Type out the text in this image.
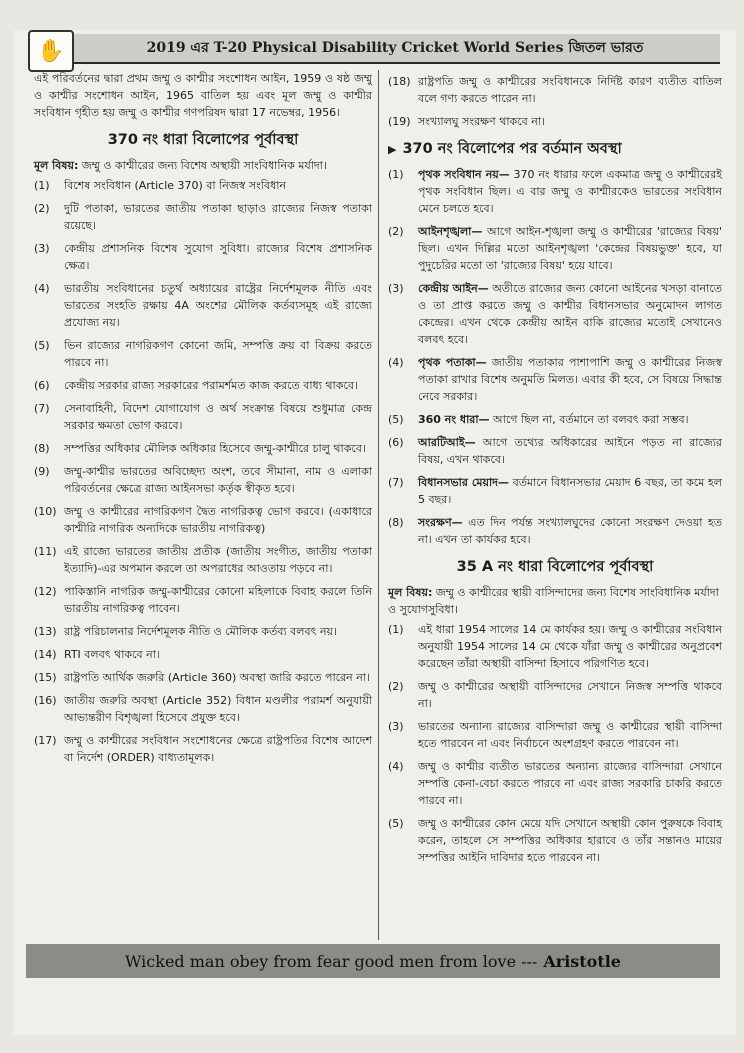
2019 এর T-20 Physical Disability Cricket World Series জিতল ভারত
✋

এই পরিবর্তনের দ্বারা প্রথম জম্মু ও কাশ্মীর সংশোধন আইন, 1959 ও ষষ্ঠ জম্মু ও কাশ্মীর সংশোধন আইন, 1965 বাতিল হয় এবং মূল জম্মু ও কাশ্মীর সংবিধান গৃহীত হয় জম্মু ও কাশ্মীর গণপরিষদ দ্বারা 17 নভেম্বর, 1956।

370 নং ধারা বিলোপের পূর্বাবস্থা
মূল বিষয়: জম্মু ও কাশ্মীরের জন্য বিশেষ অস্থায়ী সাংবিধানিক মর্যাদা।
(1)	বিশেষ সংবিধান (Article 370) বা নিজস্ব সংবিধান
(2)	দুটি পতাকা, ভারতের জাতীয় পতাকা ছাড়াও রাজ্যের নিজস্ব পতাকা রয়েছে।
(3)	কেন্দ্রীয় প্রশাসনিক বিশেষ সুযোগ সুবিধা। রাজ্যের বিশেষ প্রশাসনিক ক্ষেত্র।
(4)	ভারতীয় সংবিধানের চতুর্থ অধ্যায়ের রাষ্ট্রের নির্দেশমূলক নীতি এবং ভারতের সংহতি রক্ষায় 4A অংশের মৌলিক কর্তব্যসমূহ এই রাজ্যে প্রযোজ্য নয়।
(5)	ভিন রাজ্যের নাগরিকগণ কোনো জমি, সম্পত্তি ক্রয় বা বিক্রয় করতে পারবে না।
(6)	কেন্দ্রীয় সরকার রাজ্য সরকারের পরামর্শমত কাজ করতে বাধ্য থাকবে।
(7)	সেনাবাহিনী, বিদেশ যোগাযোগ ও অর্থ সংক্রান্ত বিষয়ে শুধুমাত্র কেন্দ্র সরকার ক্ষমতা ভোগ করবে।
(8)	সম্পত্তির অধিকার মৌলিক অধিকার হিসেবে জম্মু-কাশ্মীরে চালু থাকবে।
(9)	জম্মু-কাশ্মীর ভারতের অবিচ্ছেদ্য অংশ, তবে সীমানা, নাম ও এলাকা পরিবর্তনের ক্ষেত্রে রাজ্য আইনসভা কর্তৃক স্বীকৃত হবে।
(10) জম্মু ও কাশ্মীরের নাগরিকগণ দ্বৈত নাগরিকত্ব ভোগ করবে। (একাধারে কাশ্মীরি নাগরিক অন্যদিকে ভারতীয় নাগরিকত্ব)
(11) এই রাজ্যে ভারতের জাতীয় প্রতীক (জাতীয় সংগীত, জাতীয় পতাকা ইত্যাদি)-এর অপমান করলে তা অপরাধের আওতায় পড়বে না।
(12) পাকিস্তানি নাগরিক জম্মু-কাশ্মীরের কোনো মহিলাকে বিবাহ করলে তিনি ভারতীয় নাগরিকত্ব পাবেন।
(13) রাষ্ট্র পরিচালনার নির্দেশমূলক নীতি ও মৌলিক কর্তব্য বলবৎ নয়।
(14) RTI বলবৎ থাকবে না।
(15) রাষ্ট্রপতি আর্থিক জরুরি (Article 360) অবস্থা জারি করতে পারেন না।
(16) জাতীয় জরুরি অবস্থা (Article 352) বিধান মণ্ডলীর পরামর্শ অনুযায়ী আভ্যন্তরীণ বিশৃঙ্খলা হিসেবে প্রযুক্ত হবে।
(17) জম্মু ও কাশ্মীরের সংবিধান সংশোধনের ক্ষেত্রে রাষ্ট্রপতির বিশেষ আদেশ বা নির্দেশ (ORDER) বাধ্যতামূলক।
(18) রাষ্ট্রপতি জম্মু ও কাশ্মীরের সংবিধানকে নির্দিষ্ট কারণ ব্যতীত বাতিল বলে গণ্য করতে পারেন না।
(19) সংখ্যালঘু সংরক্ষণ থাকবে না।
▶ 370 নং বিলোপের পর বর্তমান অবস্থা
(1)	পৃথক সংবিধান নয়— 370 নং ধারার ফলে একমাত্র জম্মু ও কাশ্মীরেরই পৃথক সংবিধান ছিল। এ বার জম্মু ও কাশ্মীরকেও ভারতের সংবিধান মেনে চলতে হবে।
(2)	আইনশৃঙ্খলা— আগে আইন-শৃঙ্খলা জম্মু ও কাশ্মীরের 'রাজ্যের বিষয়' ছিল। এখন দিল্লির মতো আইনশৃঙ্খলা 'কেন্দ্রের বিষয়ভুক্ত' হবে, যা পুদুচেরির মতো তা 'রাজ্যের বিষয়' হয়ে যাবে।
(3)	কেন্দ্রীয় আইন— অতীতে রাজ্যের জন্য কোনো আইনের খসড়া বানাতে ও তা প্রাপ্ত করতে জম্মু ও কাশ্মীর বিধানসভার অনুমোদন লাগত কেন্দ্রের। এখন থেকে কেন্দ্রীয় আইন বাকি রাজ্যের মতোই সেখানেও বলবৎ হবে।
(4)	পৃথক পতাকা— জাতীয় পতাকার পাশাপাশি জম্মু ও কাশ্মীরের নিজস্ব পতাকা রাখার বিশেষ অনুমতি মিলত। এবার কী হবে, সে বিষয়ে সিদ্ধান্ত নেবে সরকার।
(5)	360 নং ধারা— আগে ছিল না, বর্তমানে তা বলবৎ করা সম্ভব।
(6)	আরটিআই— আগে তথ্যের অধিকারের আইনে পড়ত না রাজ্যের বিষয়, এখন থাকবে।
(7)	বিধানসভার মেয়াদ— বর্তমানে বিধানসভার মেয়াদ 6 বছর, তা কমে হল 5 বছর।
(8)	সংরক্ষণ— এত দিন পর্যন্ত সংখ্যালঘুদের কোনো সংরক্ষণ দেওয়া হত না। এখন তা কার্যকর হবে।
35 A নং ধারা বিলোপের পূর্বাবস্থা
মূল বিষয়: জম্মু ও কাশ্মীরের স্থায়ী বাসিন্দাদের জন্য বিশেষ সাংবিধানিক মর্যাদা ও সুযোগসুবিধা।
(1)	এই ধারা 1954 সালের 14 মে কার্যকর হয়। জম্মু ও কাশ্মীরের সংবিধান অনুযায়ী 1954 সালের 14 মে থেকে যাঁরা জম্মু ও কাশ্মীরের অনুপ্রবেশ করেছেন তাঁরা অস্থায়ী বাসিন্দা হিসাবে পরিগণিত হবে।
(2)	জম্মু ও কাশ্মীরের অস্থায়ী বাসিন্দাদের সেখানে নিজস্ব সম্পত্তি থাকবে না।
(3)	ভারতের অন্যান্য রাজ্যের বাসিন্দারা জম্মু ও কাশ্মীরের স্থায়ী বাসিন্দা হতে পারবেন না এবং নির্বাচনে অংশগ্রহণ করতে পারবেন না।
(4)	জম্মু ও কাশ্মীর ব্যতীত ভারতের অন্যান্য রাজ্যের বাসিন্দারা সেখানে সম্পত্তি কেনা-বেচা করতে পারবে না এবং রাজ্য সরকারি চাকরি করতে পারবে না।
(5)	জম্মু ও কাশ্মীরের কোন মেয়ে যদি সেখানে অস্থায়ী কোন পুরুষকে বিবাহ করেন, তাহলে সে সম্পত্তির অধিকার হারাবে ও তাঁর সন্তানও মায়ের সম্পত্তির আইনি দাবিদার হতে পারবেন না।
Wicked man obey from fear good men from love --- Aristotle
